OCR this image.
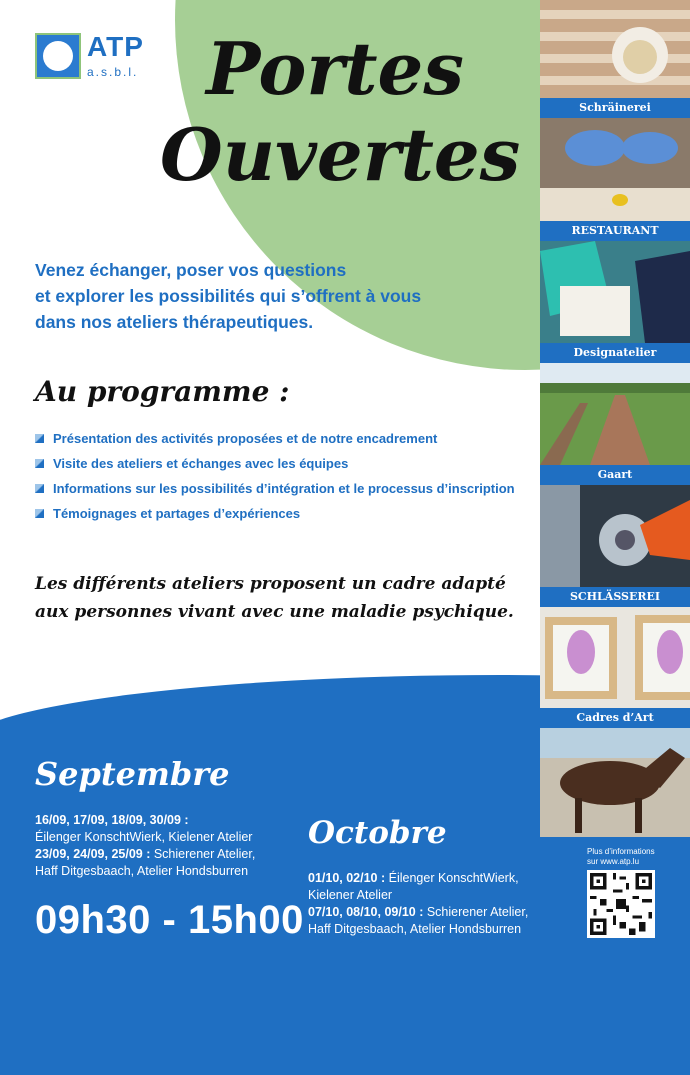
ATP
a.s.b.l. Portes
Ouvertes
Venez échanger, poser vos questions
et explorer les possibilités qui s’offrent à vous
dans nos ateliers thérapeutiques.
Au programme :
Présentation des activités proposées et de notre encadrement
Visite des ateliers et échanges avec les équipes
Informations sur les possibilités d’intégration et le processus d’inscription
Témoignages et partages d’expériences
Les différents ateliers proposent un cadre adapté
aux personnes vivant avec une maladie psychique.
Septembre
16/09, 17/09, 18/09, 30/09 :
Éilenger KonschtWierk, Kielener Atelier
23/09, 24/09, 25/09 : Schierener Atelier,
Haff Ditgesbaach, Atelier Hondsburren
Octobre
01/10, 02/10 : Éilenger KonschtWierk,
Kielener Atelier
07/10, 08/10, 09/10 : Schierener Atelier,
Haff Ditgesbaach, Atelier Hondsburren
09h30 - 15h00
Plus d’informations
sur www.atp.lu
Schräinerei
RESTAURANT
Designatelier
Gaart
SCHLÄSSEREI
Cadres d’Art
